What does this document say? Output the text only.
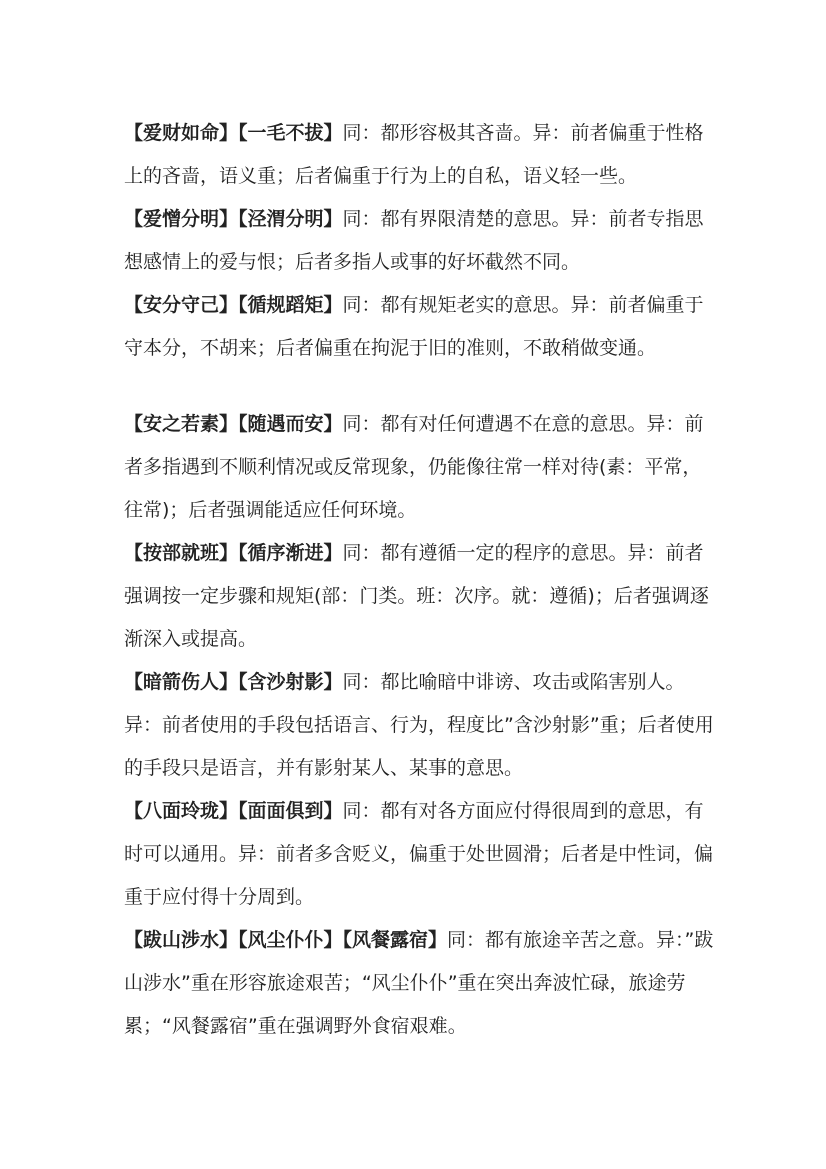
【爱财如命】【一毛不拔】同：都形容极其吝啬。异：前者偏重于性格上的吝啬，语义重；后者偏重于行为上的自私，语义轻一些。

【爱憎分明】【泾渭分明】同：都有界限清楚的意思。异：前者专指思想感情上的爱与恨；后者多指人或事的好坏截然不同。

【安分守己】【循规蹈矩】同：都有规矩老实的意思。异：前者偏重于守本分，不胡来；后者偏重在拘泥于旧的准则，不敢稍做变通。

【安之若素】【随遇而安】同：都有对任何遭遇不在意的意思。异：前者多指遇到不顺利情况或反常现象，仍能像往常一样对待(素：平常，往常)；后者强调能适应任何环境。

【按部就班】【循序渐进】同：都有遵循一定的程序的意思。异：前者强调按一定步骤和规矩(部：门类。班：次序。就：遵循)；后者强调逐渐深入或提高。

【暗箭伤人】【含沙射影】同：都比喻暗中诽谤、攻击或陷害别人。异：前者使用的手段包括语言、行为，程度比”含沙射影”重；后者使用的手段只是语言，并有影射某人、某事的意思。

【八面玲珑】【面面俱到】同：都有对各方面应付得很周到的意思，有时可以通用。异：前者多含贬义，偏重于处世圆滑；后者是中性词，偏重于应付得十分周到。

【跋山涉水】【风尘仆仆】【风餐露宿】同：都有旅途辛苦之意。异：”跋山涉水”重在形容旅途艰苦；“风尘仆仆”重在突出奔波忙碌，旅途劳累；“风餐露宿”重在强调野外食宿艰难。
